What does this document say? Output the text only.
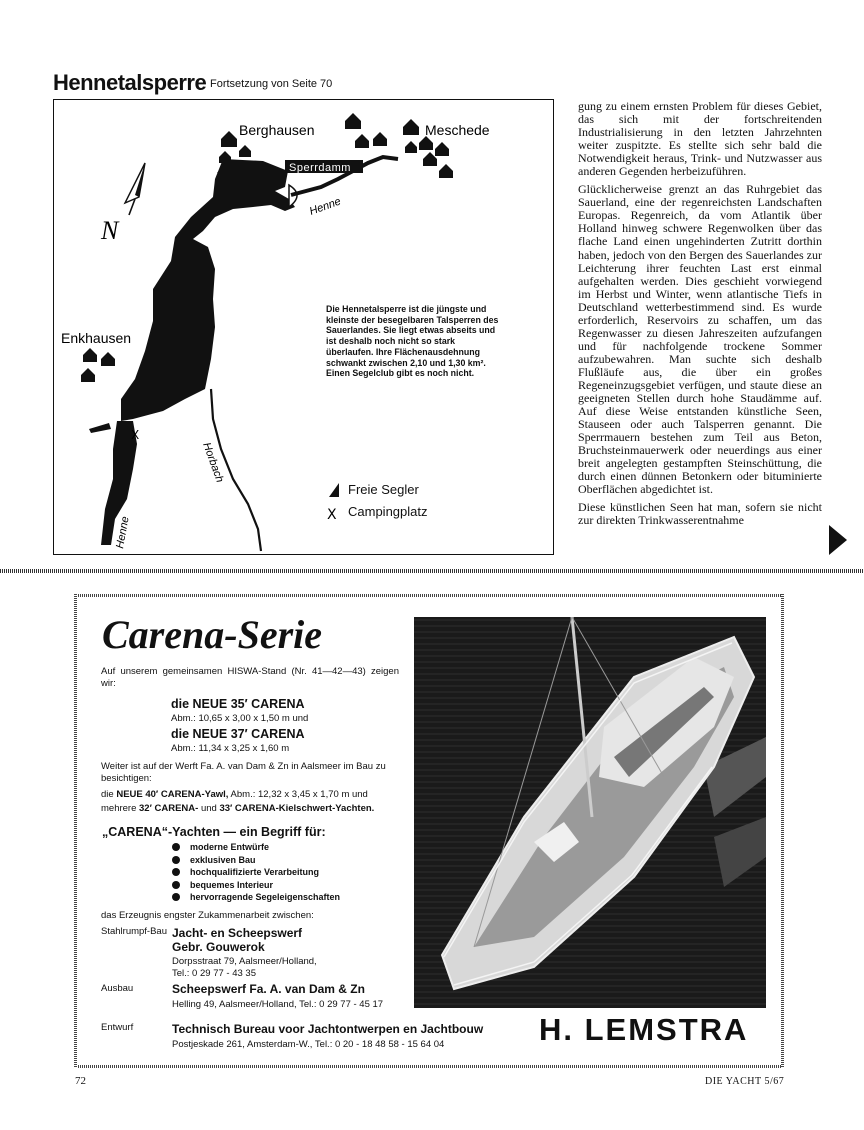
Hennetalsperre Fortsetzung von Seite 70
X
N
Sperrdamm
Berghausen	Meschede
Enkhausen
Henne
Henne
Horbach
X
Die Hennetalsperre ist die jüngste und kleinste der besegelbaren Talsperren des Sauerlandes. Sie liegt etwas abseits und ist deshalb noch nicht so stark überlaufen. Ihre Flächenausdehnung schwankt zwischen 2,10 und 1,30 km². Einen Segelclub gibt es noch nicht.
Freie Segler
Campingplatz

gung zu einem ernsten Problem für dieses Gebiet, das sich mit der fortschreitenden Industrialisierung in den letzten Jahrzehnten weiter zuspitzte. Es stellte sich sehr bald die Notwendigkeit heraus, Trink- und Nutzwasser aus anderen Gegenden herbeizuführen.

Glücklicherweise grenzt an das Ruhrgebiet das Sauerland, eine der regenreichsten Landschaften Europas. Regenreich, da vom Atlantik über Holland hinweg schwere Regenwolken über das flache Land einen ungehinderten Zutritt dorthin haben, jedoch von den Bergen des Sauerlandes zur Leichterung ihrer feuchten Last erst einmal aufgehalten werden. Dies geschieht vorwiegend im Herbst und Winter, wenn atlantische Tiefs in Deutschland wetterbestimmend sind. Es wurde erforderlich, Reservoirs zu schaffen, um das Regenwasser zu diesen Jahreszeiten aufzufangen und für nachfolgende trockene Sommer aufzubewahren. Man suchte sich deshalb Flußläufe aus, die über ein großes Regeneinzugsgebiet verfügen, und staute diese an geeigneten Stellen durch hohe Staudämme auf. Auf diese Weise entstanden künstliche Seen, Stauseen oder auch Talsperren genannt. Die Sperrmauern bestehen zum Teil aus Beton, Bruchsteinmauerwerk oder neuerdings aus einer breit angelegten gestampften Steinschüttung, die durch einen dünnen Betonkern oder bituminierte Oberflächen abgedichtet ist.

Diese künstlichen Seen hat man, sofern sie nicht zur direkten Trinkwasserentnahme

Carena-Serie
Auf unserem gemeinsamen HISWA-Stand (Nr. 41—42—43) zeigen wir:
die NEUE 35′ CARENA
Abm.: 10,65 x 3,00 x 1,50 m und
die NEUE 37′ CARENA
Abm.: 11,34 x 3,25 x 1,60 m
Weiter ist auf der Werft Fa. A. van Dam & Zn in Aalsmeer im Bau zu besichtigen:
die NEUE 40′ CARENA-Yawl, Abm.: 12,32 x 3,45 x 1,70 m und
mehrere 32′ CARENA- und 33′ CARENA-Kielschwert-Yachten.
„CARENA“-Yachten — ein Begriff für:
moderne Entwürfe
exklusiven Bau
hochqualifizierte Verarbeitung
bequemes Interieur
hervorragende Segeleigenschaften
das Erzeugnis engster Zukammenarbeit zwischen:
Stahlrumpf-Bau Jacht- en Scheepswerf
Gebr. Gouwerok
Dorpsstraat 79, Aalsmeer/Holland,
Tel.: 0 29 77 - 43 35
Ausbau	Scheepswerf Fa. A. van Dam & Zn
Helling 49, Aalsmeer/Holland, Tel.: 0 29 77 - 45 17
Entwurf	Technisch Bureau voor Jachtontwerpen en Jachtbouw
Postjeskade 261, Amsterdam-W., Tel.: 0 20 - 18 48 58 - 15 64 04	H. LEMSTRA
72	DIE YACHT 5/67
